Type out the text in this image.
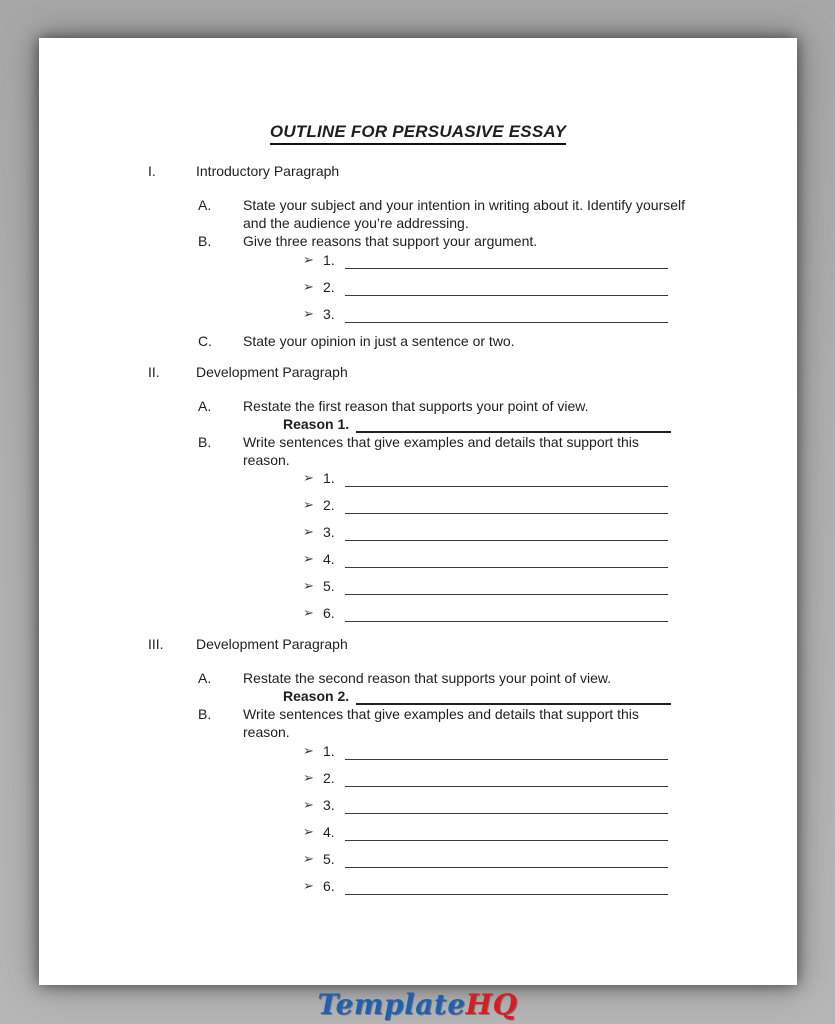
OUTLINE FOR PERSUASIVE ESSAY
I.	Introductory Paragraph
A.	State your subject and your intention in writing about it. Identify yourself and the audience you’re addressing.
B.	Give three reasons that support your argument.
➢ 1.
➢ 2.
➢ 3.
C.	State your opinion in just a sentence or two.
II.	Development Paragraph
A.	Restate the first reason that supports your point of view.
Reason 1.
B.	Write sentences that give examples and details that support this reason.
➢ 1.
➢ 2.
➢ 3.
➢ 4.
➢ 5.
➢ 6.
III.	Development Paragraph
A.	Restate the second reason that supports your point of view.
Reason 2.
B.	Write sentences that give examples and details that support this reason.
➢ 1.
➢ 2.
➢ 3.
➢ 4.
➢ 5.
➢ 6.
TemplateHQ
